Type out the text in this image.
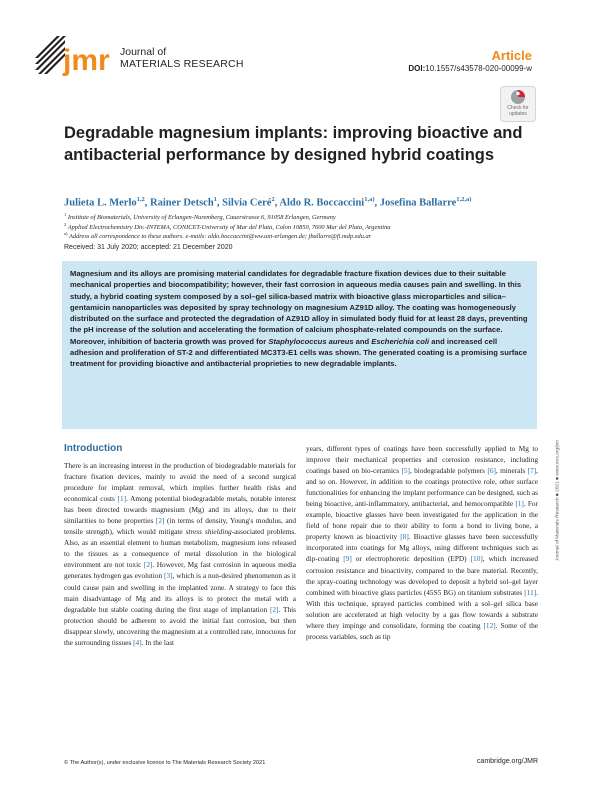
jmr Journal of
MATERIALS RESEARCH
Article
DOI:10.1557/s43578-020-00099-w
Check for updates
Degradable magnesium implants: improving bioactive and antibacterial performance by designed hybrid coatings
Julieta L. Merlo$^{1,2}$, Rainer Detsch$^1$, Silvia Ceré$^2$, Aldo R. Boccaccini$^{1,a)}$, Josefina Ballarre$^{1,2,a)}$
$^1$ Institute of Biomaterials, University of Erlangen-Nuremberg, Cauerstrasse 6, 91058 Erlangen, Germany
$^2$ Applied Electrochemistry Div.-INTEMA, CONICET-University of Mar del Plata, Colon 10850, 7600 Mar del Plata, Argentina
$^{a)}$ Address all correspondence to these authors. e-mails: aldo.boccaccini@ww.uni-erlangen.de; jballarre@fi.mdp.edu.ar
Received: 31 July 2020; accepted: 21 December 2020
Magnesium and its alloys are promising material candidates for degradable fracture fixation devices due to their suitable mechanical properties and biocompatibility; however, their fast corrosion in aqueous media causes pain and swelling. In this study, a hybrid coating system composed by a sol–gel silica-based matrix with bioactive glass microparticles and silica–gentamicin nanoparticles was deposited by spray technology on magnesium AZ91D alloy. The coating was homogeneously distributed on the surface and protected the degradation of AZ91D alloy in simulated body fluid for at least 28 days, preventing the pH increase of the solution and accelerating the formation of calcium phosphate-related compounds on the surface. Moreover, inhibition of bacteria growth was proved for Staphylococcus aureus and Escherichia coli and increased cell adhesion and proliferation of ST-2 and differentiated MC3T3-E1 cells was shown. The generated coating is a promising surface treatment for providing bioactive and antibacterial proprieties to new degradable implants.
Introduction
There is an increasing interest in the production of biodegradable materials for fracture fixation devices, mainly to avoid the need of a second surgical procedure for implant removal, which implies further health risks and economical costs [1]. Among potential biodegradable metals, notable interest has been directed towards magnesium (Mg) and its alloys, due to their similarities to bone properties [2] (in terms of density, Young's modulus, and tensile strength), which would mitigate stress shielding-associated problems. Also, as an essential element to human metabolism, magnesium ions released to the tissues as a consequence of metal dissolution in the biological environment are not toxic [2]. However, Mg fast corrosion in aqueous media generates hydrogen gas evolution [3], which is a non-desired phenomenon as it could cause pain and swelling in the implanted zone. A strategy to face this main disadvantage of Mg and its alloys is to protect the metal with a degradable but stable coating during the first stage of implantation [2]. This protection should be adherent to avoid the initial fast corrosion, but then disappear slowly, uncovering the magnesium at a controlled rate, innocuous for the surrounding tissues [4]. In the last
years, different types of coatings have been successfully applied to Mg to improve their mechanical properties and corrosion resistance, including coatings based on bio-ceramics [5], biodegradable polymers [6], minerals [7], and so on. However, in addition to the coatings protective role, other surface functionalities for enhancing the implant performance can be designed, such as being bioactive, anti-inflammatory, antibacterial, and hemocompatible [1]. For example, bioactive glasses have been investigated for the application in the field of bone repair due to their ability to form a bond to living bone, a property known as bioactivity [8]. Bioactive glasses have been successfully incorporated into coatings for Mg alloys, using different techniques such as dip-coating [9] or electrophoretic deposition (EPD) [10], which increased corrosion resistance and bioactivity, compared to the bare material. Recently, the spray-coating technology was developed to deposit a hybrid sol–gel layer combined with bioactive glass particles (45S5 BG) on titanium substrates [11]. With this technique, sprayed particles combined with a sol–gel silica base solution are accelerated at high velocity by a gas flow towards a substrate where they impinge and consolidate, forming the coating [12]. Some of the process variables, such as tip
Journal of Materials Research ■ 2021 ■ www.mrs.org/jmr
© The Author(s), under exclusive licence to The Materials Research Society 2021	cambridge.org/JMR
